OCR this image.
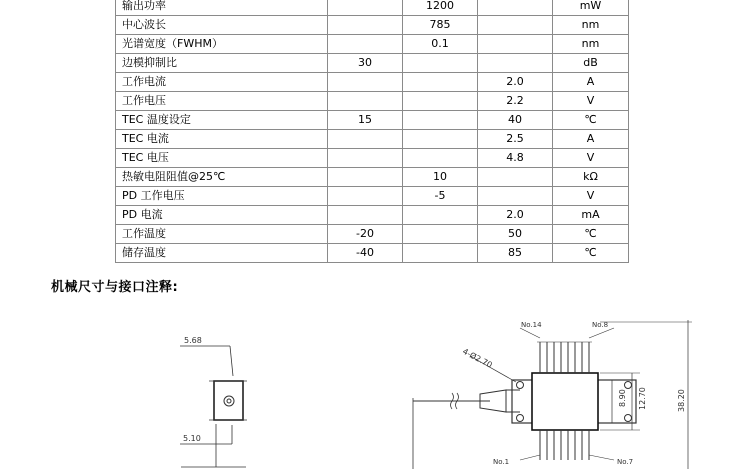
输出功率		1200		mW
中心波长		785		nm
光谱宽度（FWHM）		0.1		nm
边模抑制比	30			dB
工作电流			2.0	A
工作电压			2.2	V
TEC 温度设定	15		40	℃
TEC 电流			2.5	A
TEC 电压			4.8	V
热敏电阻阻值@25℃		10		kΩ
PD 工作电压		-5		V
PD 电流			2.0	mA
工作温度	-20		50	℃
储存温度	-40		85	℃
机械尺寸与接口注释:
5.68
5.10
4-Ø2.70
No.14	No.8
No.1	No.7
8.90 12.70	38.20
